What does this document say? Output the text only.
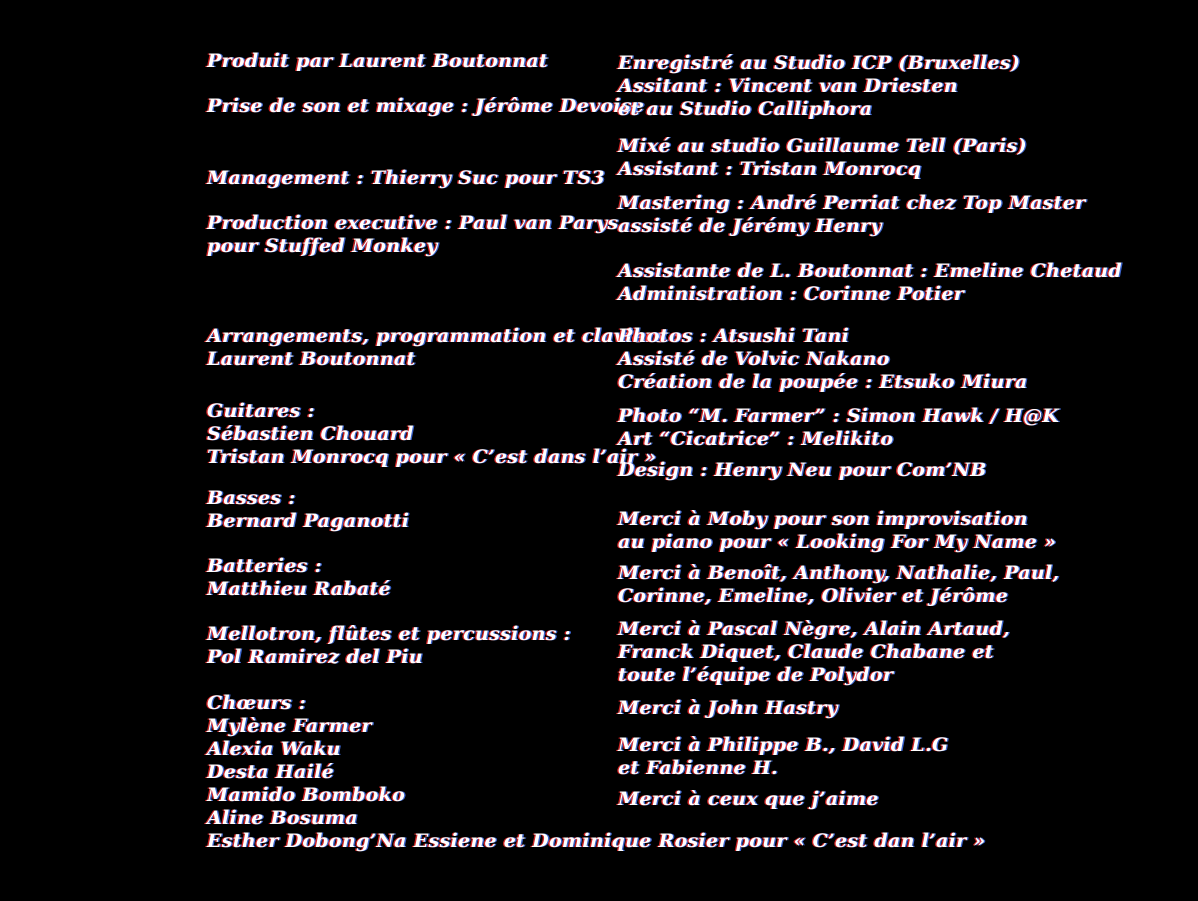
Produit par Laurent Boutonnat
Prise de son et mixage : Jérôme Devoise
Management : Thierry Suc pour TS3
Production executive : Paul van Parys
pour Stuffed Monkey
Arrangements, programmation et claviers :
Laurent Boutonnat
Guitares :
Sébastien Chouard
Tristan Monrocq pour « C’est dans l’air »
Basses :
Bernard Paganotti
Batteries :
Matthieu Rabaté
Mellotron, flûtes et percussions :
Pol Ramirez del Piu
Chœurs :
Mylène Farmer
Alexia Waku
Desta Hailé
Mamido Bomboko
Aline Bosuma
Esther Dobong’Na Essiene et Dominique Rosier pour « C’est dan l’air »
Enregistré au Studio ICP (Bruxelles)
Assitant : Vincent van Driesten
et au Studio Calliphora
Mixé au studio Guillaume Tell (Paris)
Assistant : Tristan Monrocq
Mastering : André Perriat chez Top Master
assisté de Jérémy Henry
Assistante de L. Boutonnat : Emeline Chetaud
Administration : Corinne Potier
Photos : Atsushi Tani
Assisté de Volvic Nakano
Création de la poupée : Etsuko Miura
Photo “M. Farmer” : Simon Hawk / H@K
Art “Cicatrice” : Melikito
Design : Henry Neu pour Com’NB
Merci à Moby pour son improvisation
au piano pour « Looking For My Name »
Merci à Benoît, Anthony, Nathalie, Paul,
Corinne, Emeline, Olivier et Jérôme
Merci à Pascal Nègre, Alain Artaud,
Franck Diquet, Claude Chabane et
toute l’équipe de Polydor
Merci à John Hastry
Merci à Philippe B., David L.G
et Fabienne H.
Merci à ceux que j’aime
